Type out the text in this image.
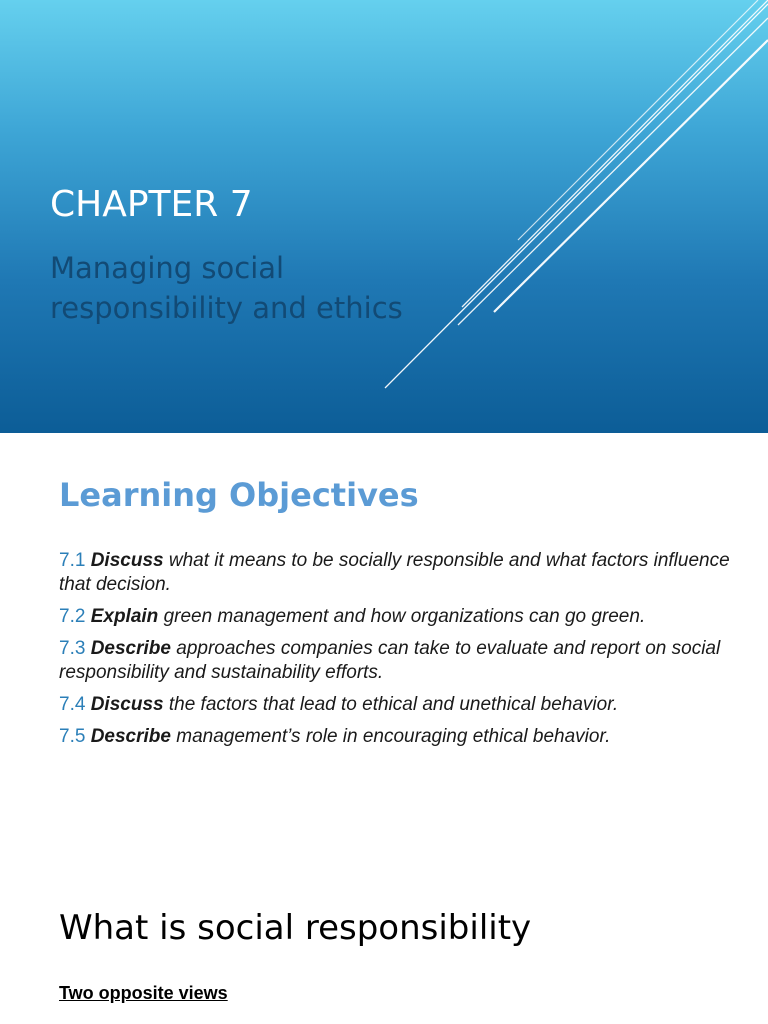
CHAPTER 7

Managing social responsibility and ethics

Learning Objectives
7.1 Discuss what it means to be socially responsible and what factors influence that decision.
7.2 Explain green management and how organizations can go green.
7.3 Describe approaches companies can take to evaluate and report on social responsibility and sustainability efforts.
7.4 Discuss the factors that lead to ethical and unethical behavior.
7.5 Describe management’s role in encouraging ethical behavior.
What is social responsibility

Two opposite views
